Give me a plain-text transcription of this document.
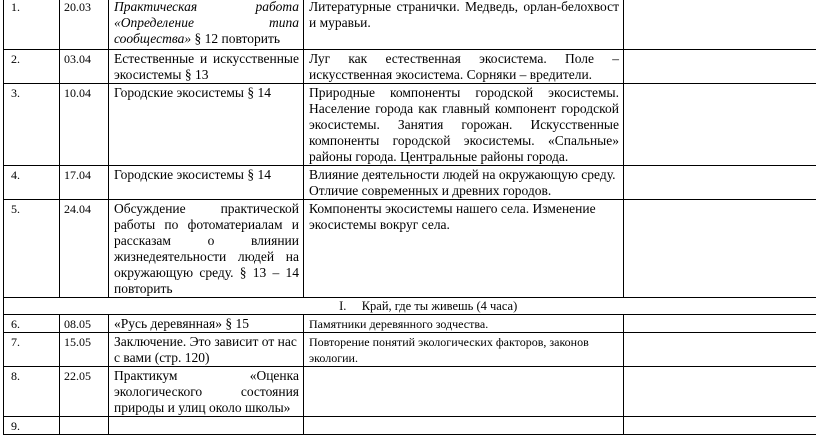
1.	20.03	Практическая работа «Определение типа сообщества» § 12 повторить	Литературные странички. Медведь, орлан-белохвост и муравьи.	
2.	03.04	Естественные и искусственные экосистемы § 13	Луг как естественная экосистема. Поле – искусственная экосистема. Сорняки – вредители.	
3.	10.04	Городские экосистемы § 14	Природные компоненты городской экосистемы. Население города как главный компонент городской экосистемы. Занятия горожан. Искусственные компоненты городской экосистемы. «Спальные» районы города. Центральные районы города.	
4.	17.04	Городские экосистемы § 14	Влияние деятельности людей на окружающую среду. Отличие современных и древних городов.	
5.	24.04	Обсуждение практической работы по фотоматериалам и рассказам о влиянии жизнедеятельности людей на окружающую среду. § 13 – 14 повторить	Компоненты экосистемы нашего села. Изменение экосистемы вокруг села.	
I. Край, где ты живешь (4 часа)				
6.	08.05	«Русь деревянная» § 15	Памятники деревянного зодчества.	
7.	15.05	Заключение. Это зависит от нас с вами (стр. 120)	Повторение понятий экологических факторов, законов экологии.	
8.	22.05	Практикум «Оценка экологического состояния природы и улиц около школы»		
9.				
